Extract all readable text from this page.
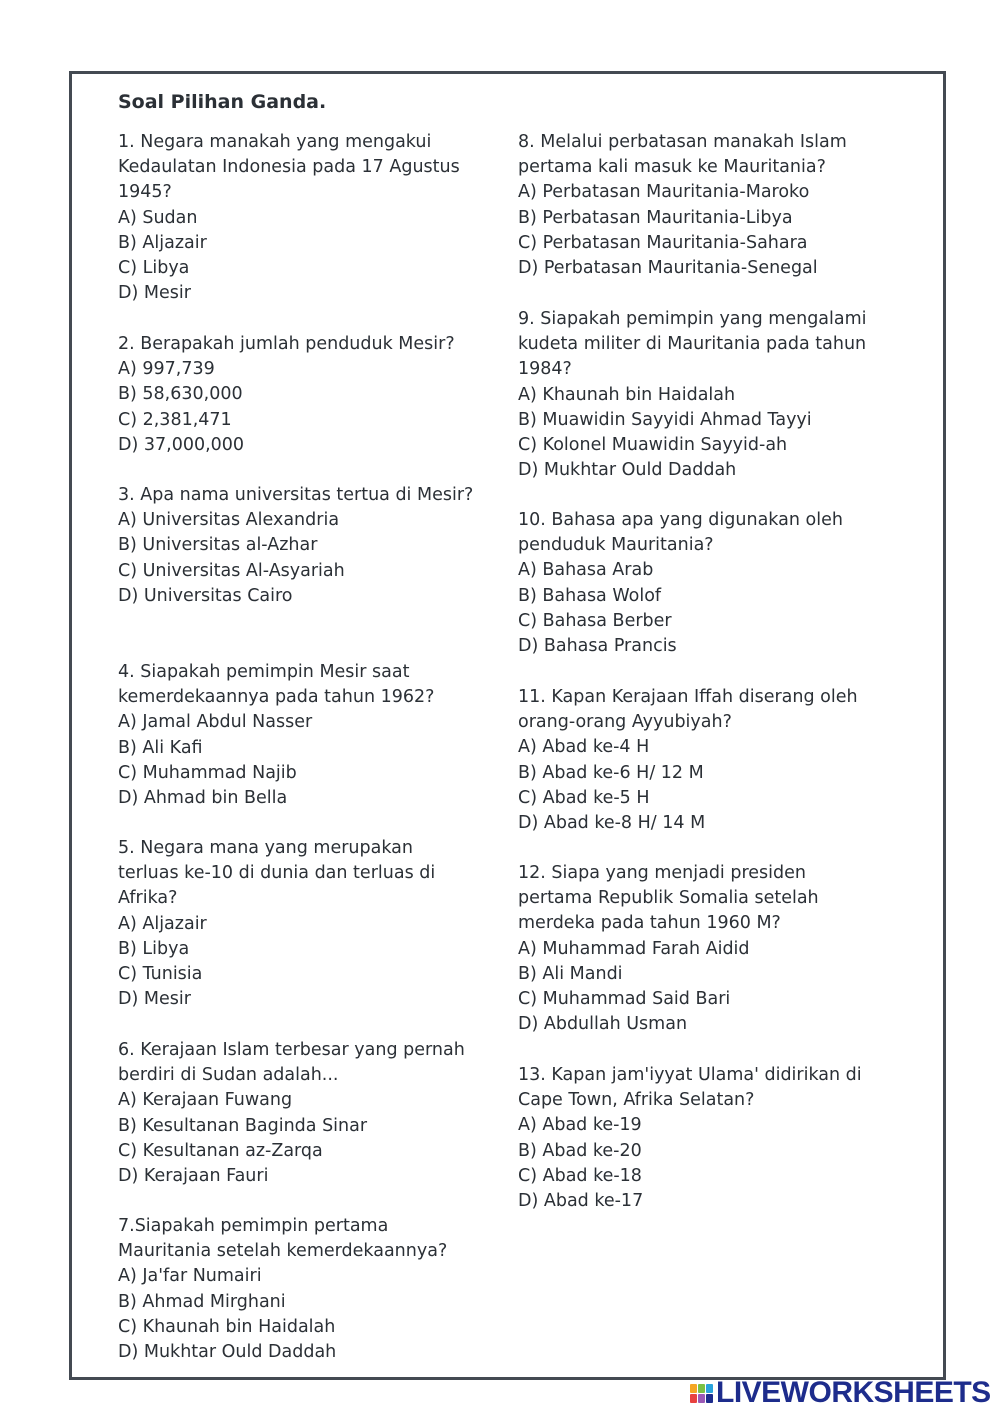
Soal Pilihan Ganda.
1. Negara manakah yang mengakui
Kedaulatan Indonesia pada 17 Agustus
1945?
A) Sudan
B) Aljazair
C) Libya
D) Mesir
2. Berapakah jumlah penduduk Mesir?
A) 997,739
B) 58,630,000
C) 2,381,471
D) 37,000,000
3. Apa nama universitas tertua di Mesir?
A) Universitas Alexandria
B) Universitas al-Azhar
C) Universitas Al-Asyariah
D) Universitas Cairo
4. Siapakah pemimpin Mesir saat
kemerdekaannya pada tahun 1962?
A) Jamal Abdul Nasser
B) Ali Kafi
C) Muhammad Najib
D) Ahmad bin Bella
5. Negara mana yang merupakan
terluas ke-10 di dunia dan terluas di
Afrika?
A) Aljazair
B) Libya
C) Tunisia
D) Mesir
6. Kerajaan Islam terbesar yang pernah
berdiri di Sudan adalah...
A) Kerajaan Fuwang
B) Kesultanan Baginda Sinar
C) Kesultanan az-Zarqa
D) Kerajaan Fauri
7.Siapakah pemimpin pertama
Mauritania setelah kemerdekaannya?
A) Ja'far Numairi
B) Ahmad Mirghani
C) Khaunah bin Haidalah
D) Mukhtar Ould Daddah
8. Melalui perbatasan manakah Islam
pertama kali masuk ke Mauritania?
A) Perbatasan Mauritania-Maroko
B) Perbatasan Mauritania-Libya
C) Perbatasan Mauritania-Sahara
D) Perbatasan Mauritania-Senegal
9. Siapakah pemimpin yang mengalami
kudeta militer di Mauritania pada tahun
1984?
A) Khaunah bin Haidalah
B) Muawidin Sayyidi Ahmad Tayyi
C) Kolonel Muawidin Sayyid-ah
D) Mukhtar Ould Daddah
10. Bahasa apa yang digunakan oleh
penduduk Mauritania?
A) Bahasa Arab
B) Bahasa Wolof
C) Bahasa Berber
D) Bahasa Prancis
11. Kapan Kerajaan Iffah diserang oleh
orang-orang Ayyubiyah?
A) Abad ke-4 H
B) Abad ke-6 H/ 12 M
C) Abad ke-5 H
D) Abad ke-8 H/ 14 M
12. Siapa yang menjadi presiden
pertama Republik Somalia setelah
merdeka pada tahun 1960 M?
A) Muhammad Farah Aidid
B) Ali Mandi
C) Muhammad Said Bari
D) Abdullah Usman
13. Kapan jam'iyyat Ulama' didirikan di
Cape Town, Afrika Selatan?
A) Abad ke-19
B) Abad ke-20
C) Abad ke-18
D) Abad ke-17
LIVEWORKSHEETS
